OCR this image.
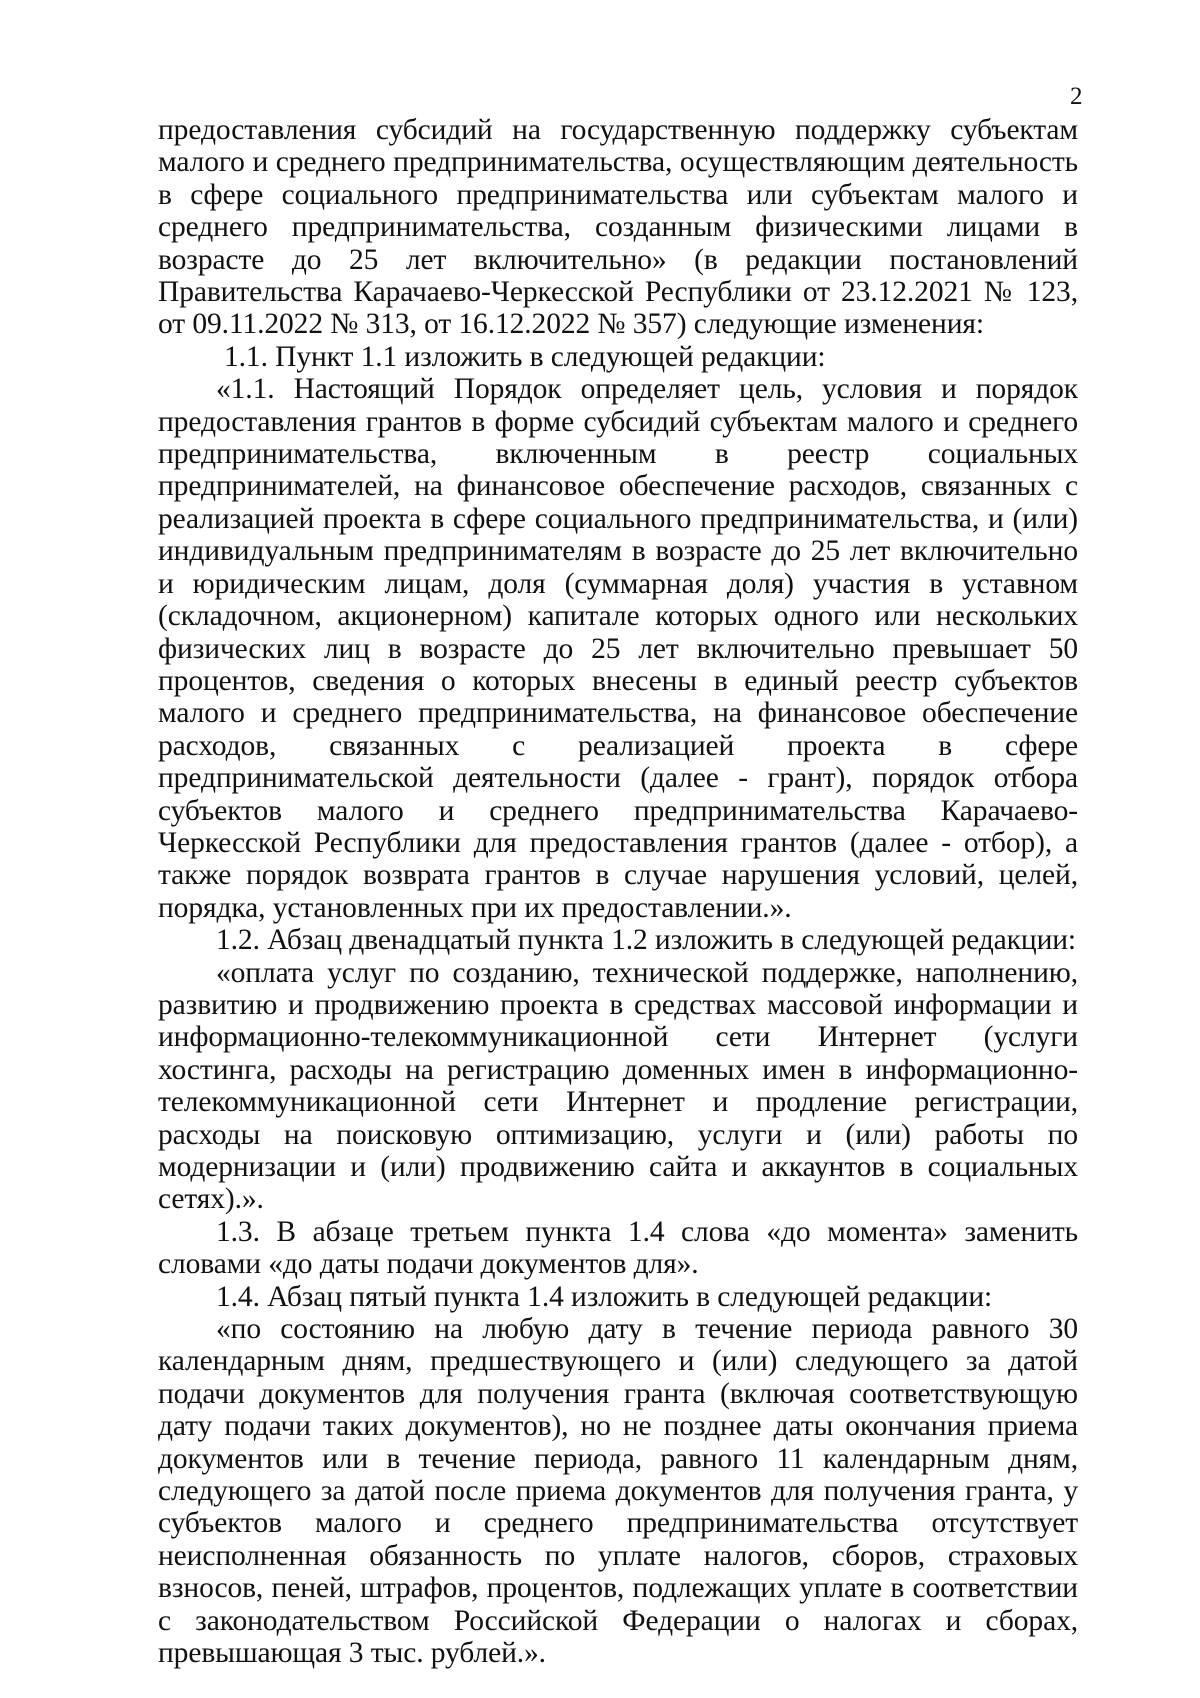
2

предоставления субсидий на государственную поддержку субъектам малого и среднего предпринимательства, осуществляющим деятельность в сфере социального предпринимательства или субъектам малого и среднего предпринимательства, созданным физическими лицами в возрасте до 25 лет включительно» (в редакции постановлений Правительства Карачаево-Черкесской Республики от 23.12.2021 № 123, от 09.11.2022 № 313, от 16.12.2022 № 357) следующие изменения:

1.1. Пункт 1.1 изложить в следующей редакции:

«1.1. Настоящий Порядок определяет цель, условия и порядок предоставления грантов в форме субсидий субъектам малого и среднего предпринимательства, включенным в реестр социальных предпринимателей, на финансовое обеспечение расходов, связанных с реализацией проекта в сфере социального предпринимательства, и (или) индивидуальным предпринимателям в возрасте до 25 лет включительно и юридическим лицам, доля (суммарная доля) участия в уставном (складочном, акционерном) капитале которых одного или нескольких физических лиц в возрасте до 25 лет включительно превышает 50 процентов, сведения о которых внесены в единый реестр субъектов малого и среднего предпринимательства, на финансовое обеспечение расходов, связанных с реализацией проекта в сфере предпринимательской деятельности (далее - грант), порядок отбора субъектов малого и среднего предпринимательства Карачаево-Черкесской Республики для предоставления грантов (далее - отбор), а также порядок возврата грантов в случае нарушения условий, целей, порядка, установленных при их предоставлении.».

1.2. Абзац двенадцатый пункта 1.2 изложить в следующей редакции:

«оплата услуг по созданию, технической поддержке, наполнению, развитию и продвижению проекта в средствах массовой информации и информационно-телекоммуникационной сети Интернет (услуги хостинга, расходы на регистрацию доменных имен в информационно-телекоммуникационной сети Интернет и продление регистрации, расходы на поисковую оптимизацию, услуги и (или) работы по модернизации и (или) продвижению сайта и аккаунтов в социальных сетях).».

1.3. В абзаце третьем пункта 1.4 слова «до момента» заменить словами «до даты подачи документов для».

1.4. Абзац пятый пункта 1.4 изложить в следующей редакции:

«по состоянию на любую дату в течение периода равного 30 календарным дням, предшествующего и (или) следующего за датой подачи документов для получения гранта (включая соответствующую дату подачи таких документов), но не позднее даты окончания приема документов или в течение периода, равного 11 календарным дням, следующего за датой после приема документов для получения гранта, у субъектов малого и среднего предпринимательства отсутствует неисполненная обязанность по уплате налогов, сборов, страховых взносов, пеней, штрафов, процентов, подлежащих уплате в соответствии с законодательством Российской Федерации о налогах и сборах, превышающая 3 тыс. рублей.».
